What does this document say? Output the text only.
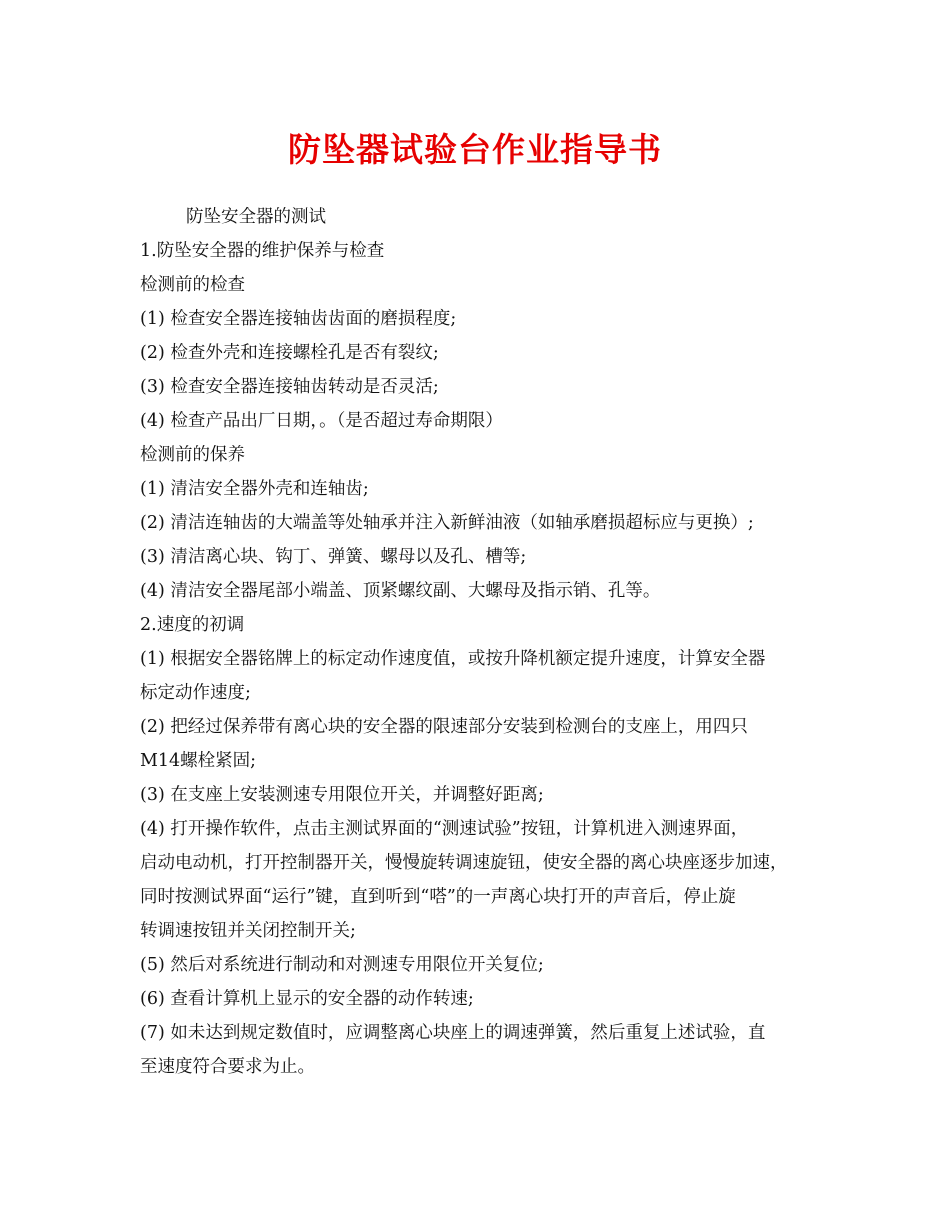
防坠器试验台作业指导书
防坠安全器的测试
1.防坠安全器的维护保养与检查
检测前的检查
(1) 检查安全器连接轴齿齿面的磨损程度;
(2) 检查外壳和连接螺栓孔是否有裂纹;
(3) 检查安全器连接轴齿转动是否灵活;
(4) 检查产品出厂日期，。（是否超过寿命期限）
检测前的保养
(1) 清洁安全器外壳和连轴齿;
(2) 清洁连轴齿的大端盖等处轴承并注入新鲜油液（如轴承磨损超标应与更换）;
(3) 清洁离心块、钩丁、弹簧、螺母以及孔、槽等;
(4) 清洁安全器尾部小端盖、顶紧螺纹副、大螺母及指示销、孔等。
2.速度的初调
(1) 根据安全器铭牌上的标定动作速度值，或按升降机额定提升速度，计算安全器
标定动作速度;
(2) 把经过保养带有离心块的安全器的限速部分安装到检测台的支座上，用四只
M14螺栓紧固;
(3) 在支座上安装测速专用限位开关，并调整好距离;
(4) 打开操作软件，点击主测试界面的“测速试验”按钮，计算机进入测速界面，
启动电动机，打开控制器开关，慢慢旋转调速旋钮，使安全器的离心块座逐步加速，
同时按测试界面“运行”键，直到听到“嗒”的一声离心块打开的声音后，停止旋
转调速按钮并关闭控制开关;
(5) 然后对系统进行制动和对测速专用限位开关复位;
(6) 查看计算机上显示的安全器的动作转速;
(7) 如未达到规定数值时，应调整离心块座上的调速弹簧，然后重复上述试验，直
至速度符合要求为止。
